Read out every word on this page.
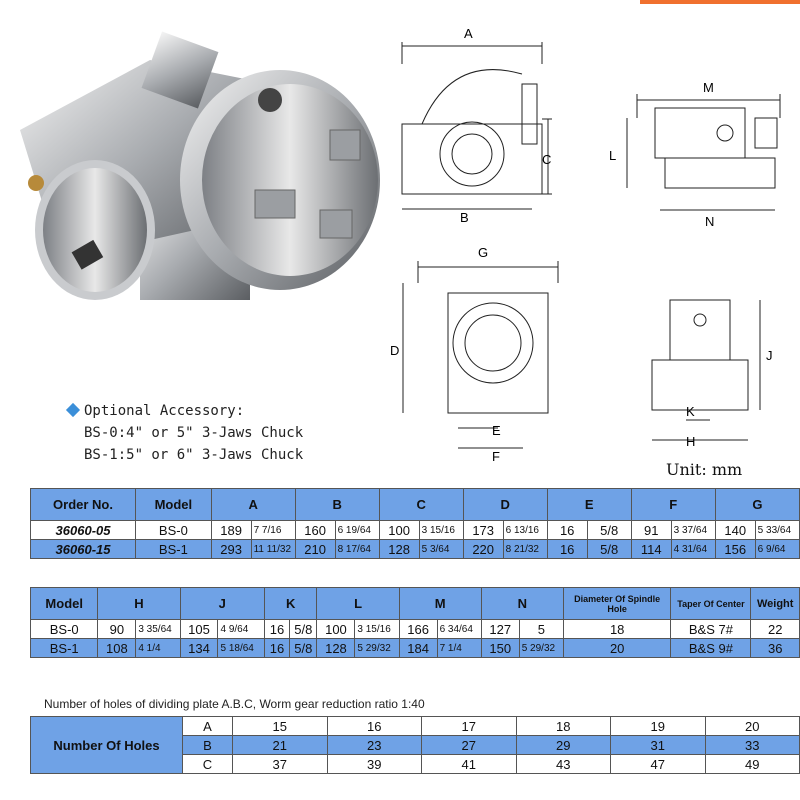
A
B
C
M
L
N
G
D
E
F
J
K
H
Optional Accessory:
BS-0:4" or 5" 3-Jaws Chuck
BS-1:5" or 6" 3-Jaws Chuck
Unit: mm
Order No.	Model	A		B		C		D		E		F		G	
36060-05	BS-0	189	7 7/16	160	6 19/64	100	3 15/16	173	6 13/16	16	5/8	91	3 37/64	140	5 33/64
36060-15	BS-1	293	11 11/32	210	8 17/64	128	5 3/64	220	8 21/32	16	5/8	114	4 31/64	156	6 9/64
Model	H		J		K		L		M		N		Diameter Of Spindle Hole	Taper Of Center	Weight
BS-0	90	3 35/64	105	4 9/64	16	5/8	100	3 15/16	166	6 34/64	127	5	18	B&S 7#	22
BS-1	108	4 1/4	134	5 18/64	16	5/8	128	5 29/32	184	7 1/4	150	5 29/32	20	B&S 9#	36
Number of holes of dividing plate A.B.C, Worm gear reduction ratio 1:40
Number Of Holes	A	15	16	17	18	19	20
	B	21	23	27	29	31	33
	C	37	39	41	43	47	49
